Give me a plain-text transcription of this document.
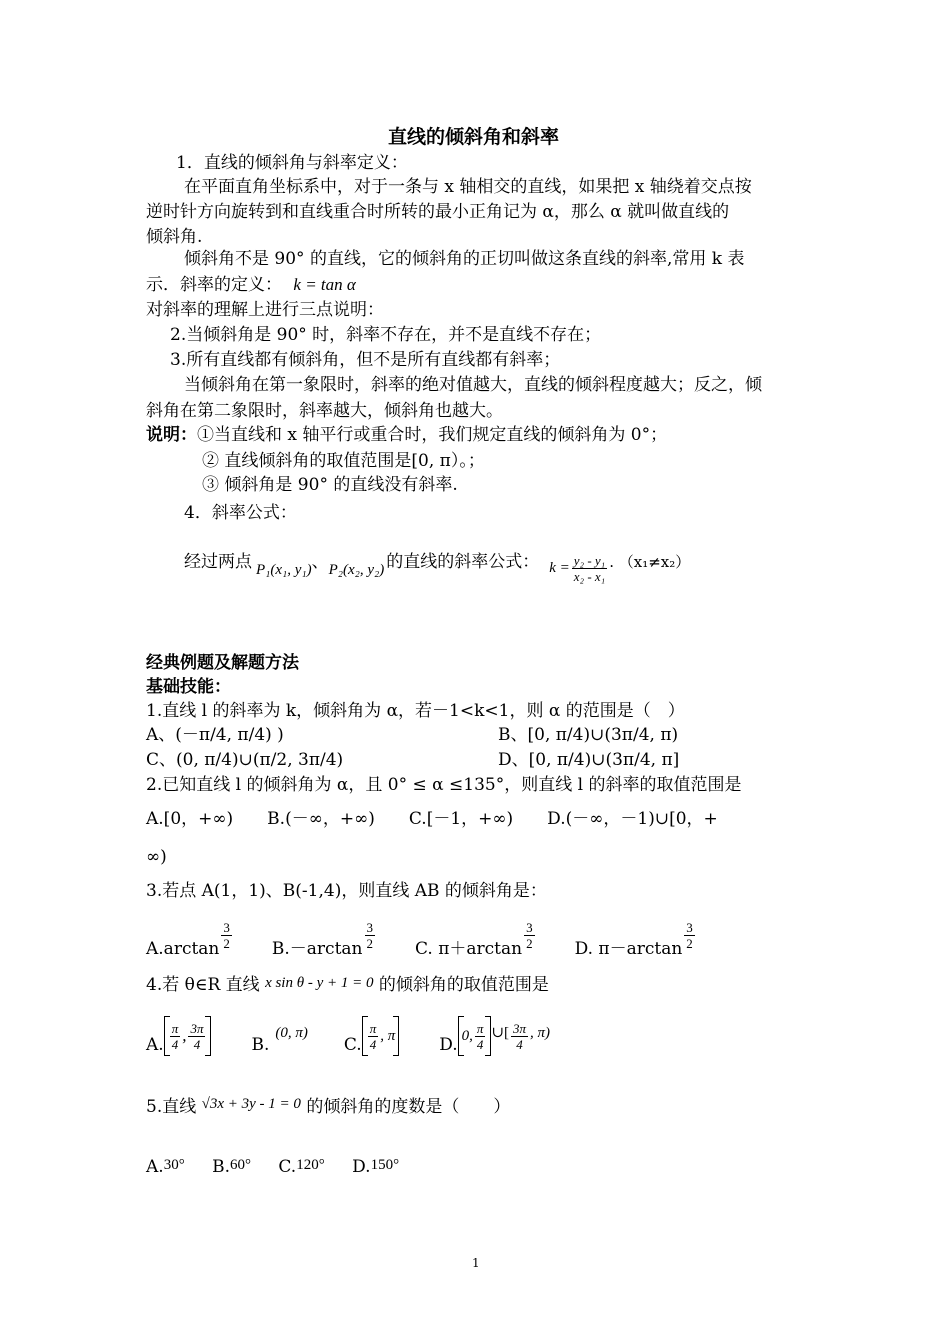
直线的倾斜角和斜率
1．直线的倾斜角与斜率定义：
在平面直角坐标系中，对于一条与 x 轴相交的直线，如果把 x 轴绕着交点按
逆时针方向旋转到和直线重合时所转的最小正角记为 α，那么 α 就叫做直线的
倾斜角.
倾斜角不是 90° 的直线，它的倾斜角的正切叫做这条直线的斜率,常用 k 表
示．斜率的定义： k = tan α
对斜率的理解上进行三点说明：
2.当倾斜角是 90° 时，斜率不存在，并不是直线不存在；
3.所有直线都有倾斜角，但不是所有直线都有斜率；
当倾斜角在第一象限时，斜率的绝对值越大，直线的倾斜程度越大；反之，倾
斜角在第二象限时，斜率越大，倾斜角也越大。
说明：①当直线和 x 轴平行或重合时，我们规定直线的倾斜角为 0°；
② 直线倾斜角的取值范围是[0, π）。；
③ 倾斜角是 90° 的直线没有斜率.
4．斜率公式：
经过两点 P₁(x₁, y₁) 、 P₂(x₂, y₂) 的直线的斜率公式： $k = \frac{\text{y₂ - y₁}}{\text{x₂ - x₁}}$ . （x₁≠x₂）
经典例题及解题方法
基础技能：
1.直线 l 的斜率为 k，倾斜角为 α，若－1<k<1，则 α 的范围是（　）
A、(－π/4, π/4) )	B、[0, π/4)∪(3π/4, π)
C、(0, π/4)∪(π/2, 3π/4)	D、[0, π/4)∪(3π/4, π]
2.已知直线 l 的倾斜角为 α，且 0° ≤ α ≤135°，则直线 l 的斜率的取值范围是
A.[0，+∞)　　B.(－∞，+∞)　　C.[－1，+∞)　　D.(－∞，－1)∪[0，+
∞)
3.若点 A(1，1)、B(-1,4)，则直线 AB 的倾斜角是：
$A.\arctan \frac{3}{2} B.-\arctan \frac{3}{2} C$. $\pi+\arctan \frac{3}{2} D$. $\pi-\arctan \frac{3}{2}$
4.若 θ∈R 直线 x sin θ - y + 1 = 0 的倾斜角的取值范围是
A. $\frac{\pi}{4}$ , $\frac{3\pi}{4}$	B.
(0, π)
C. $\frac{\pi}{4}$ , π	D. 0, $\frac{\pi}{4}$ ∪[ $\frac{3\pi}{4}$ , π)
5.直线 √3x + 3y - 1 = 0 的倾斜角的度数是（　　）
A.30° B.60° C.120° D.150°
1
